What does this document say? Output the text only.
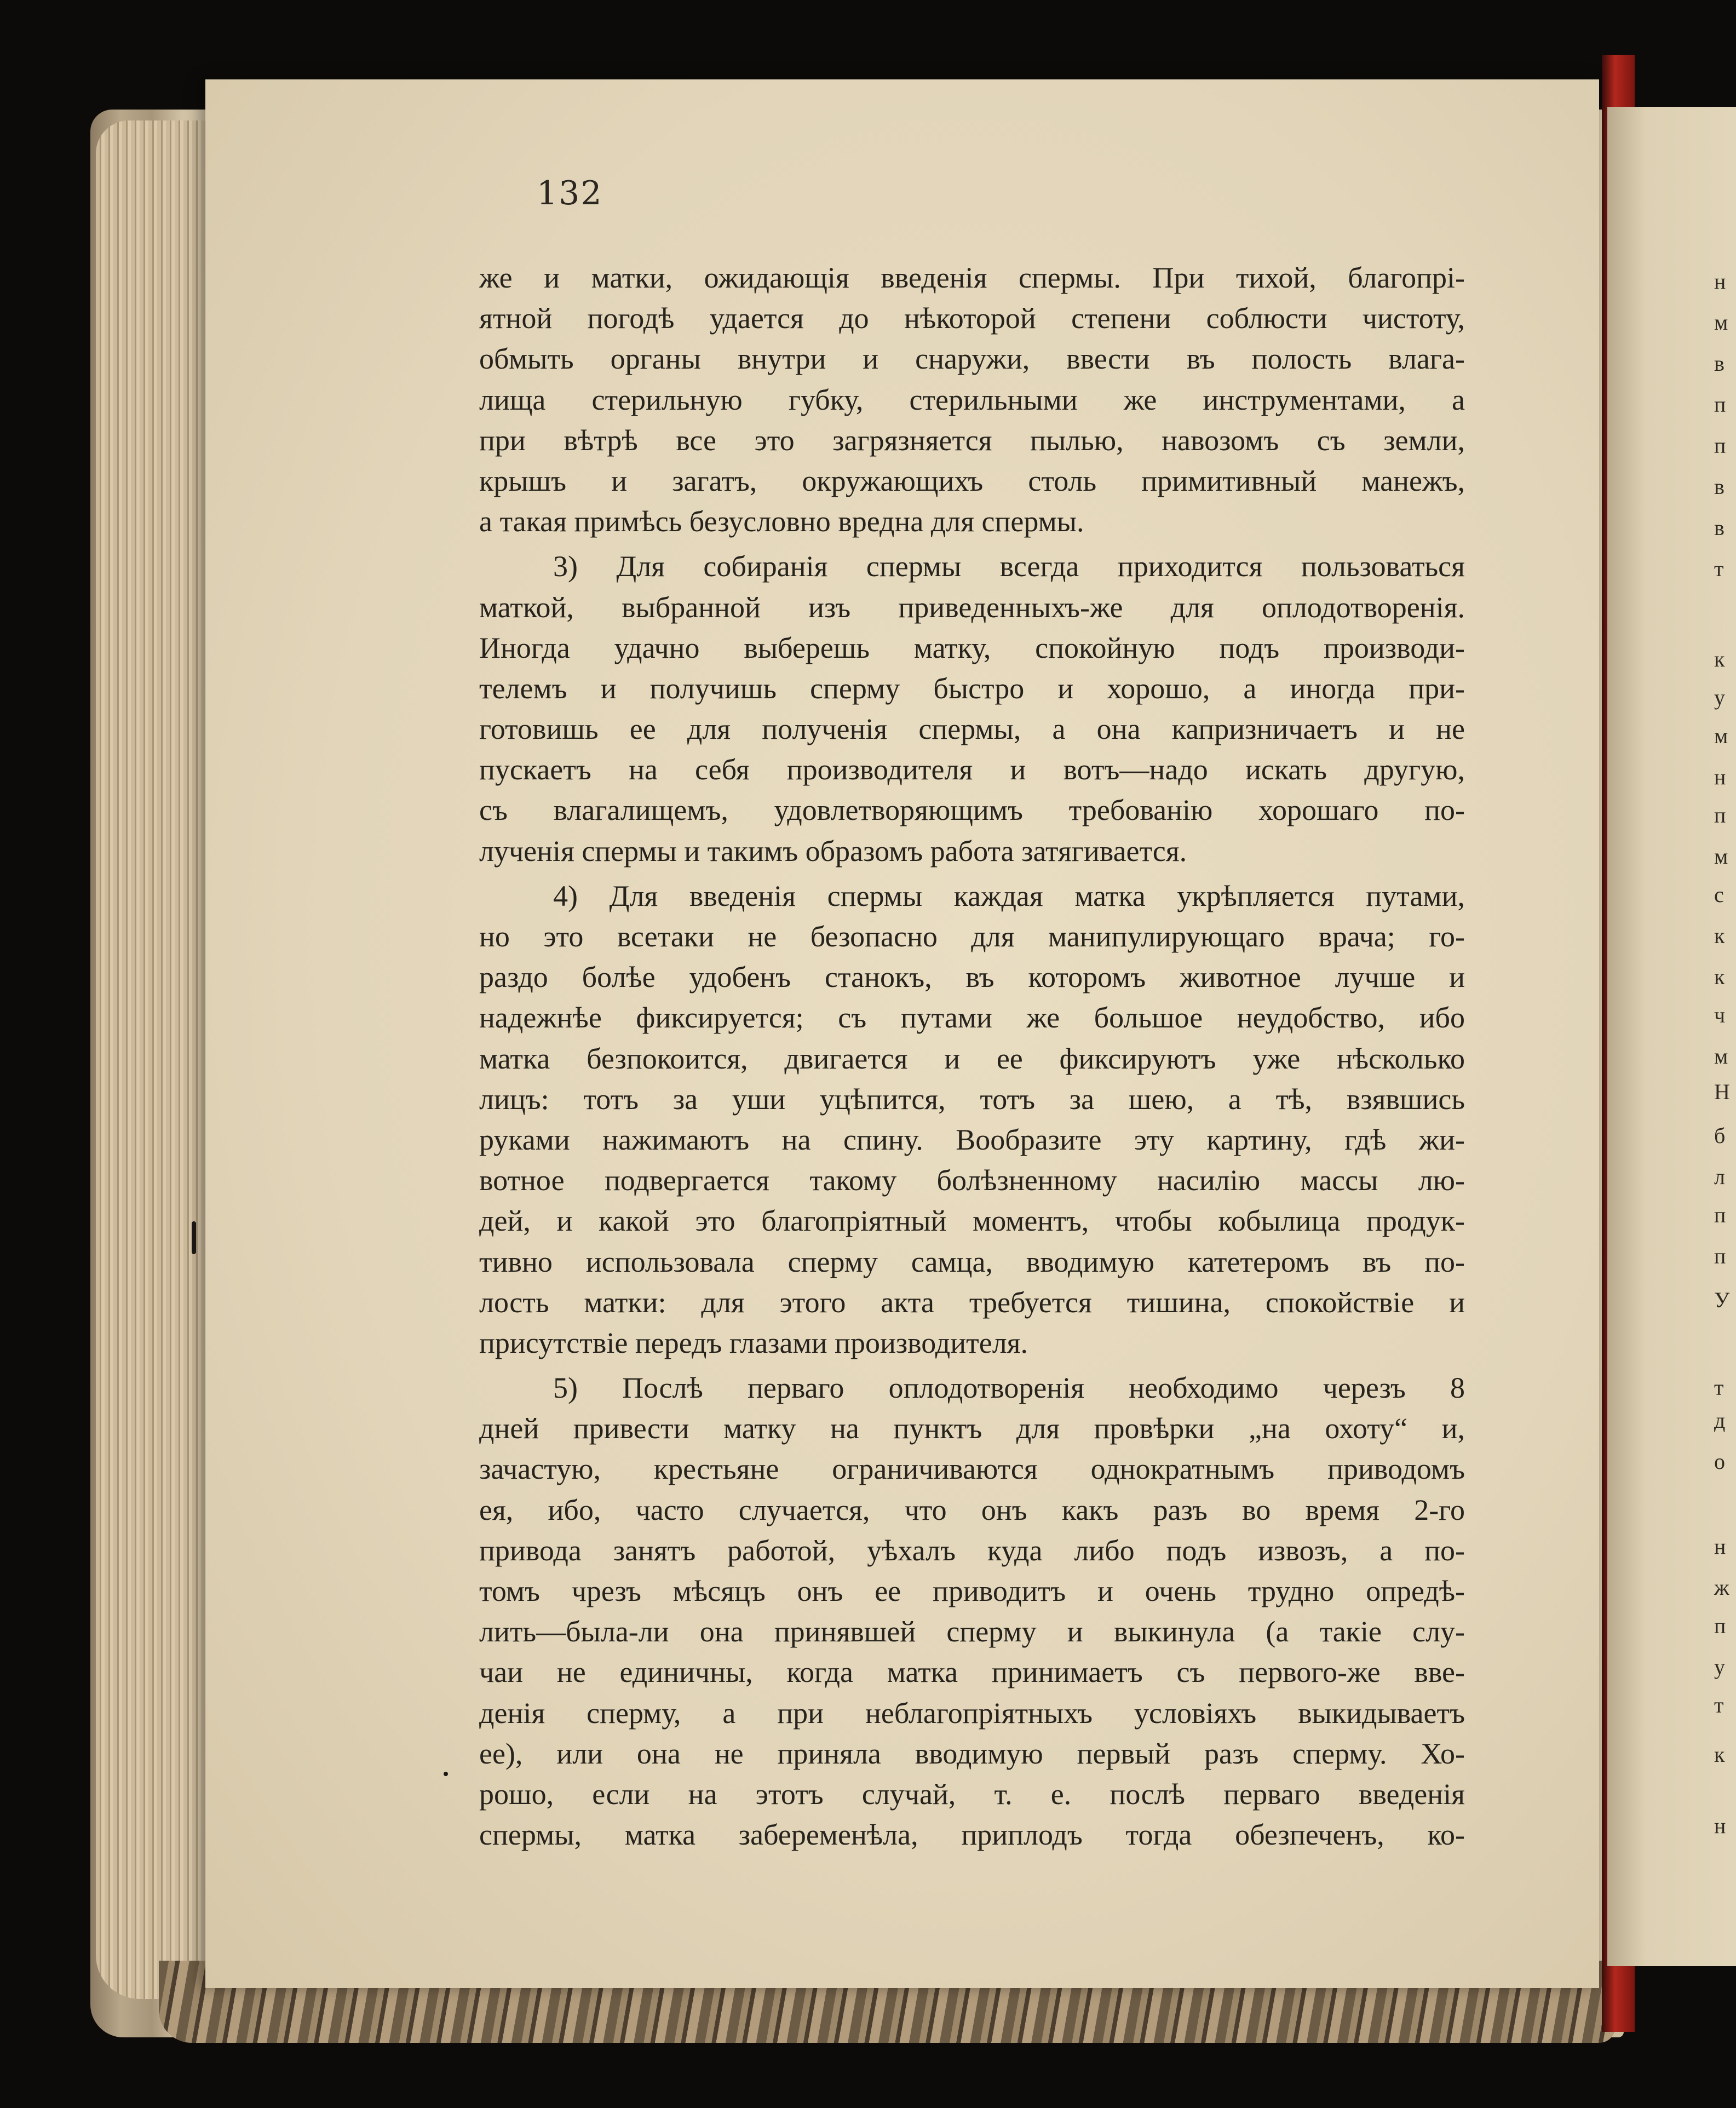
н
м
в
п
п
в
в
т
к
у
м
н
п
м
с
к
к
ч
м
Н
б
л
п
п
У
т
д
о
н
ж
п
у
т
к
н
132
же и матки, ожидающія введенія спермы. При тихой, благопрі-
ятной погодѣ удается до нѣкоторой степени соблюсти чистоту,
обмыть органы внутри и снаружи, ввести въ полость влага-
лища стерильную губку, стерильными же инструментами, а
при вѣтрѣ все это загрязняется пылью, навозомъ съ земли,
крышъ и загатъ, окружающихъ столь примитивный манежъ,
а такая примѣсь безусловно вредна для спермы.
3) Для собиранія спермы всегда приходится пользоваться
маткой, выбранной изъ приведенныхъ-же для оплодотворенія.
Иногда удачно выберешь матку, спокойную подъ производи-
телемъ и получишь сперму быстро и хорошо, а иногда при-
готовишь ее для полученія спермы, а она капризничаетъ и не
пускаетъ на себя производителя и вотъ—надо искать другую,
съ влагалищемъ, удовлетворяющимъ требованію хорошаго по-
лученія спермы и такимъ образомъ работа затягивается.
4) Для введенія спермы каждая матка укрѣпляется путами,
но это всетаки не безопасно для манипулирующаго врача; го-
раздо болѣе удобенъ станокъ, въ которомъ животное лучше и
надежнѣе фиксируется; съ путами же большое неудобство, ибо
матка безпокоится, двигается и ее фиксируютъ уже нѣсколько
лицъ: тотъ за уши уцѣпится, тотъ за шею, а тѣ, взявшись
руками нажимаютъ на спину. Вообразите эту картину, гдѣ жи-
вотное подвергается такому болѣзненному насилію массы лю-
дей, и какой это благопріятный моментъ, чтобы кобылица продук-
тивно использовала сперму самца, вводимую катетеромъ въ по-
лость матки: для этого акта требуется тишина, спокойствіе и
присутствіе передъ глазами производителя.
5) Послѣ перваго оплодотворенія необходимо черезъ 8
дней привести матку на пунктъ для провѣрки „на охоту“ и,
зачастую, крестьяне ограничиваются однократнымъ приводомъ
ея, ибо, часто случается, что онъ какъ разъ во время 2-го
привода занятъ работой, уѣхалъ куда либо подъ извозъ, а по-
томъ чрезъ мѣсяцъ онъ ее приводитъ и очень трудно опредѣ-
лить—была-ли она принявшей сперму и выкинула (а такіе слу-
чаи не единичны, когда матка принимаетъ съ первого-же вве-
денія сперму, а при неблагопріятныхъ условіяхъ выкидываетъ
ее), или она не приняла вводимую первый разъ сперму. Хо-
рошо, если на этотъ случай, т. е. послѣ перваго введенія
спермы, матка забеременѣла, приплодъ тогда обезпеченъ, ко-
